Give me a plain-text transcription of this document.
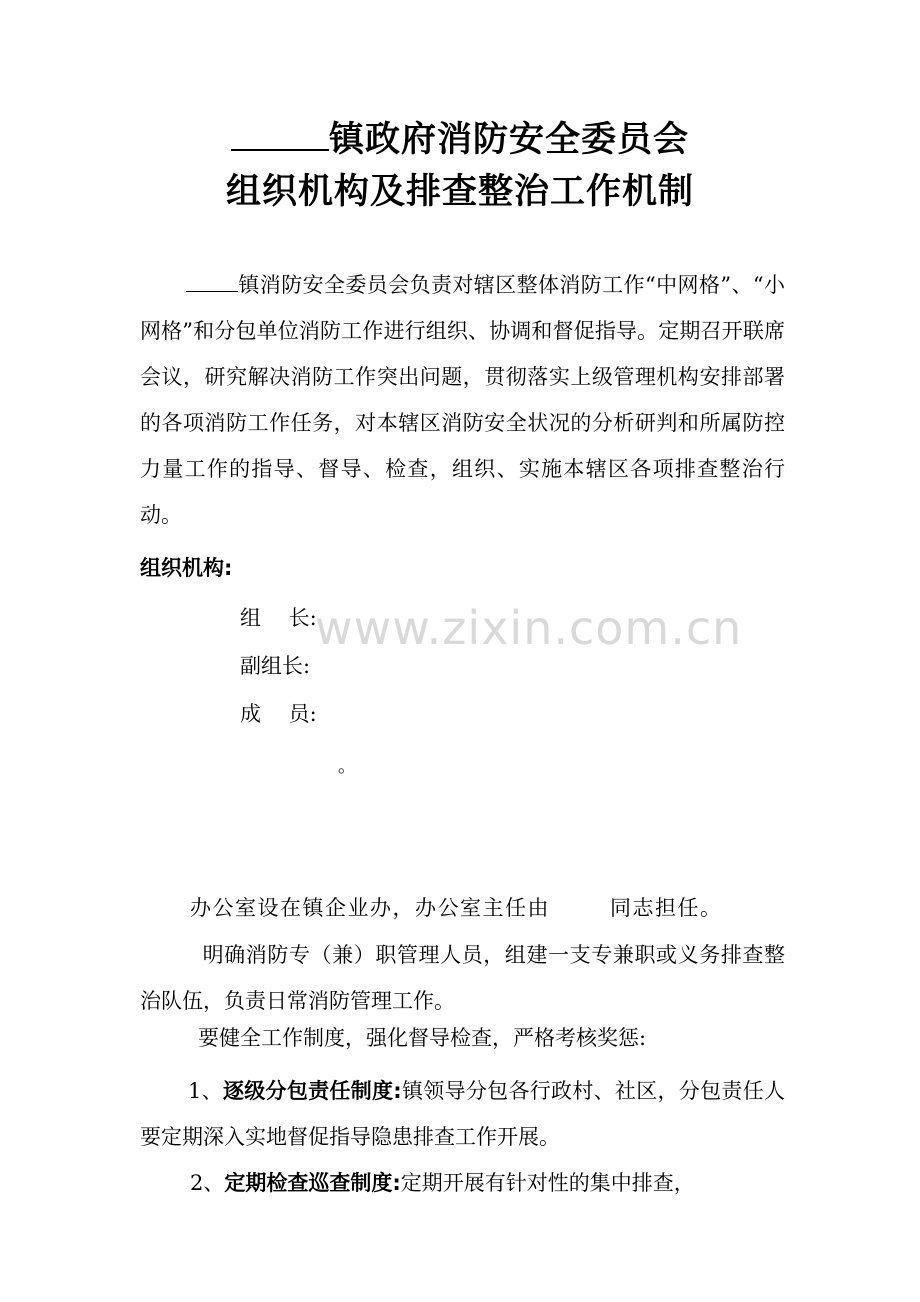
镇政府消防安全委员会
组织机构及排查整治工作机制

镇消防安全委员会负责对辖区整体消防工作“中网格”、“小网格”和分包单位消防工作进行组织、协调和督促指导。定期召开联席会议，研究解决消防工作突出问题，贯彻落实上级管理机构安排部署的各项消防工作任务，对本辖区消防安全状况的分析研判和所属防控力量工作的指导、督导、检查，组织、实施本辖区各项排查整治行动。

组织机构:
www.zixin.com.cn
组　 长:
副组长:
成　 员:
。
办公室设在镇企业办，办公室主任由	同志担任。

明确消防专（兼）职管理人员，组建一支专兼职或义务排查整治队伍，负责日常消防管理工作。

要健全工作制度，强化督导检查，严格考核奖惩:

1、逐级分包责任制度:镇领导分包各行政村、社区，分包责任人要定期深入实地督促指导隐患排查工作开展。

2、定期检查巡查制度:定期开展有针对性的集中排查，
